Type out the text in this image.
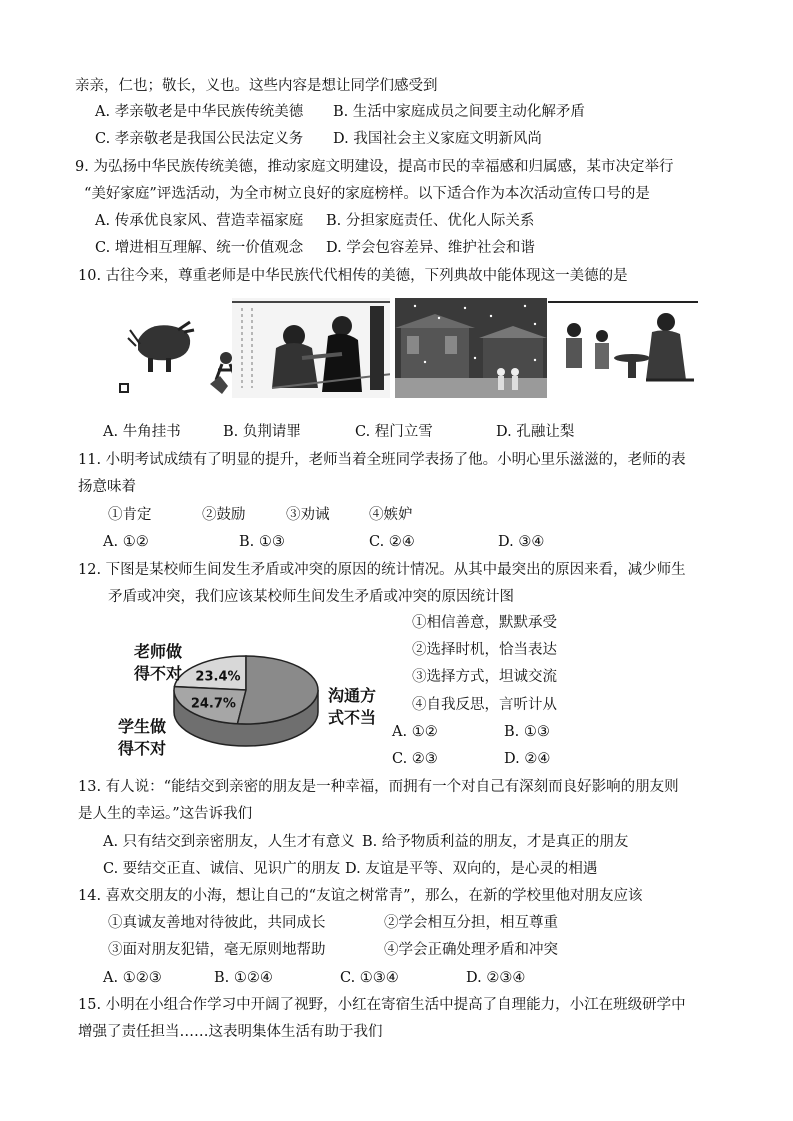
亲亲，仁也；敬长，义也。这些内容是想让同学们感受到
A. 孝亲敬老是中华民族传统美德 B. 生活中家庭成员之间要主动化解矛盾
C. 孝亲敬老是我国公民法定义务 D. 我国社会主义家庭文明新风尚
9. 为弘扬中华民族传统美德，推动家庭文明建设，提高市民的幸福感和归属感，某市决定举行
“美好家庭”评选活动，为全市树立良好的家庭榜样。以下适合作为本次活动宣传口号的是
A. 传承优良家风、营造幸福家庭 B. 分担家庭责任、优化人际关系
C. 增进相互理解、统一价值观念 D. 学会包容差异、维护社会和谐
10. 古往今来，尊重老师是中华民族代代相传的美德，下列典故中能体现这一美德的是
A. 牛角挂书	B. 负荆请罪	C. 程门立雪	D. 孔融让梨
11. 小明考试成绩有了明显的提升，老师当着全班同学表扬了他。小明心里乐滋滋的，老师的表
扬意味着
①肯定	②鼓励	③劝诫	④嫉妒
A. ①②	B. ①③	C. ②④	D. ③④
12. 下图是某校师生间发生矛盾或冲突的原因的统计情况。从其中最突出的原因来看，减少师生
矛盾或冲突，我们应该某校师生间发生矛盾或冲突的原因统计图
23.4%
24.7%
老师做得不对
学生做得不对
沟通方式不当
①相信善意，默默承受
②选择时机，恰当表达
③选择方式，坦诚交流
④自我反思，言听计从
A. ①②	B. ①③
C. ②③	D. ②④
13. 有人说：“能结交到亲密的朋友是一种幸福，而拥有一个对自己有深刻而良好影响的朋友则
是人生的幸运。”这告诉我们
A. 只有结交到亲密朋友，人生才有意义 B. 给予物质利益的朋友，才是真正的朋友
C. 要结交正直、诚信、见识广的朋友 D. 友谊是平等、双向的，是心灵的相遇
14. 喜欢交朋友的小海，想让自己的“友谊之树常青”，那么，在新的学校里他对朋友应该
①真诚友善地对待彼此，共同成长	②学会相互分担，相互尊重
③面对朋友犯错，毫无原则地帮助	④学会正确处理矛盾和冲突
A. ①②③	B. ①②④	C. ①③④	D. ②③④
15. 小明在小组合作学习中开阔了视野，小红在寄宿生活中提高了自理能力，小江在班级研学中
增强了责任担当……这表明集体生活有助于我们
